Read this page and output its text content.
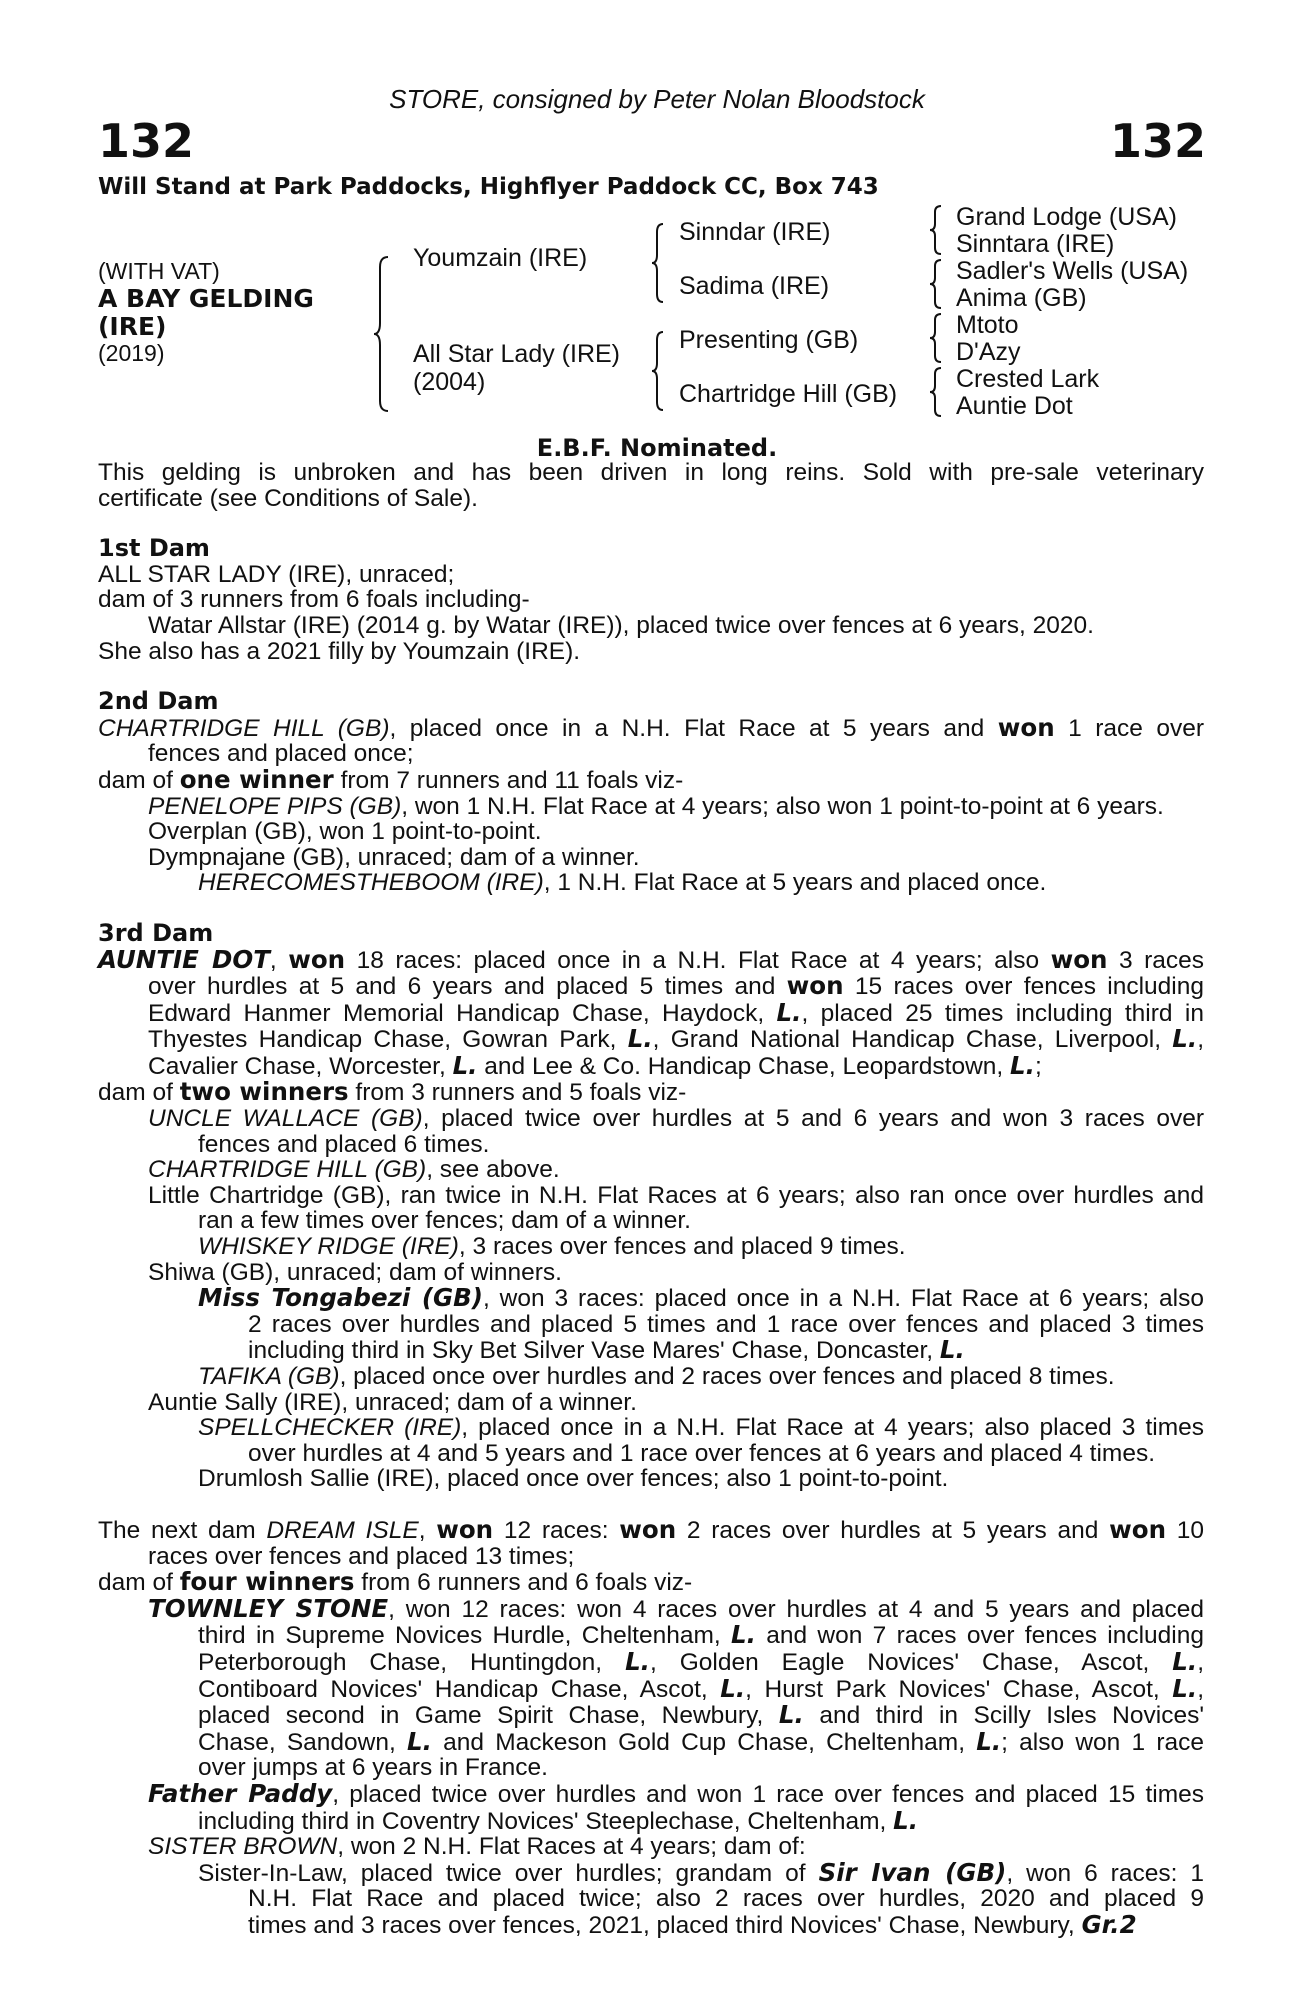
STORE, consigned by Peter Nolan Bloodstock
132	132
Will Stand at Park Paddocks, Highflyer Paddock CC, Box 743
(WITH VAT)
A BAY GELDING
(IRE)
(2019)
Youmzain (IRE)
All Star Lady (IRE)
(2004)
Sinndar (IRE)
Sadima (IRE)
Presenting (GB)
Chartridge Hill (GB)
Grand Lodge (USA)
Sinntara (IRE)
Sadler's Wells (USA)
Anima (GB)
Mtoto
D'Azy
Crested Lark
Auntie Dot
E.B.F. Nominated.
This gelding is unbroken and has been driven in long reins. Sold with pre-sale veterinary
certificate (see Conditions of Sale).
1st Dam
ALL STAR LADY (IRE), unraced;
dam of 3 runners from 6 foals including-
Watar Allstar (IRE) (2014 g. by Watar (IRE)), placed twice over fences at 6 years, 2020.
She also has a 2021 filly by Youmzain (IRE).
2nd Dam
CHARTRIDGE HILL (GB), placed once in a N.H. Flat Race at 5 years and won 1 race over
fences and placed once;
dam of one winner from 7 runners and 11 foals viz-
PENELOPE PIPS (GB), won 1 N.H. Flat Race at 4 years; also won 1 point-to-point at 6 years.
Overplan (GB), won 1 point-to-point.
Dympnajane (GB), unraced; dam of a winner.
HERECOMESTHEBOOM (IRE), 1 N.H. Flat Race at 5 years and placed once.
3rd Dam
AUNTIE DOT, won 18 races: placed once in a N.H. Flat Race at 4 years; also won 3 races
over hurdles at 5 and 6 years and placed 5 times and won 15 races over fences including
Edward Hanmer Memorial Handicap Chase, Haydock, L., placed 25 times including third in
Thyestes Handicap Chase, Gowran Park, L., Grand National Handicap Chase, Liverpool, L.,
Cavalier Chase, Worcester, L. and Lee & Co. Handicap Chase, Leopardstown, L.;
dam of two winners from 3 runners and 5 foals viz-
UNCLE WALLACE (GB), placed twice over hurdles at 5 and 6 years and won 3 races over
fences and placed 6 times.
CHARTRIDGE HILL (GB), see above.
Little Chartridge (GB), ran twice in N.H. Flat Races at 6 years; also ran once over hurdles and
ran a few times over fences; dam of a winner.
WHISKEY RIDGE (IRE), 3 races over fences and placed 9 times.
Shiwa (GB), unraced; dam of winners.
Miss Tongabezi (GB), won 3 races: placed once in a N.H. Flat Race at 6 years; also
2 races over hurdles and placed 5 times and 1 race over fences and placed 3 times
including third in Sky Bet Silver Vase Mares' Chase, Doncaster, L.
TAFIKA (GB), placed once over hurdles and 2 races over fences and placed 8 times.
Auntie Sally (IRE), unraced; dam of a winner.
SPELLCHECKER (IRE), placed once in a N.H. Flat Race at 4 years; also placed 3 times
over hurdles at 4 and 5 years and 1 race over fences at 6 years and placed 4 times.
Drumlosh Sallie (IRE), placed once over fences; also 1 point-to-point.
The next dam DREAM ISLE, won 12 races: won 2 races over hurdles at 5 years and won 10
races over fences and placed 13 times;
dam of four winners from 6 runners and 6 foals viz-
TOWNLEY STONE, won 12 races: won 4 races over hurdles at 4 and 5 years and placed
third in Supreme Novices Hurdle, Cheltenham, L. and won 7 races over fences including
Peterborough Chase, Huntingdon, L., Golden Eagle Novices' Chase, Ascot, L.,
Contiboard Novices' Handicap Chase, Ascot, L., Hurst Park Novices' Chase, Ascot, L.,
placed second in Game Spirit Chase, Newbury, L. and third in Scilly Isles Novices'
Chase, Sandown, L. and Mackeson Gold Cup Chase, Cheltenham, L.; also won 1 race
over jumps at 6 years in France.
Father Paddy, placed twice over hurdles and won 1 race over fences and placed 15 times
including third in Coventry Novices' Steeplechase, Cheltenham, L.
SISTER BROWN, won 2 N.H. Flat Races at 4 years; dam of:
Sister-In-Law, placed twice over hurdles; grandam of Sir Ivan (GB), won 6 races: 1
N.H. Flat Race and placed twice; also 2 races over hurdles, 2020 and placed 9
times and 3 races over fences, 2021, placed third Novices' Chase, Newbury, Gr.2
